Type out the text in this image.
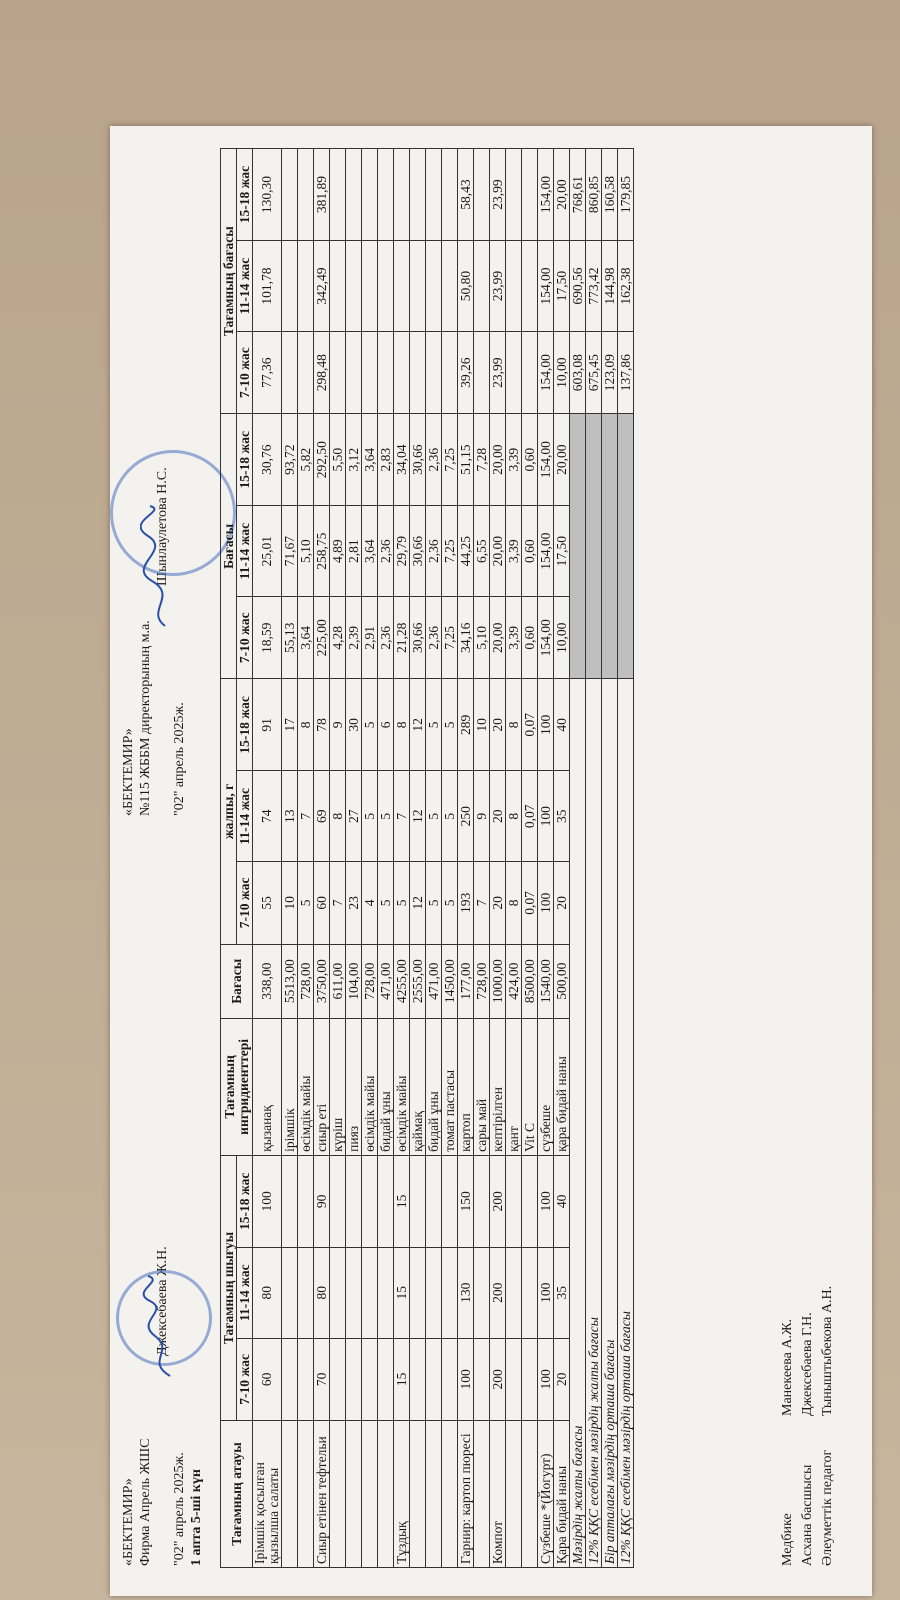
«БЕКТЕМИР» Фирма Апрель ЖШС
Джексебаева Ж.Н.
"02" апрель 2025ж. 1 апта 5-ші күн
«БЕКТЕМИР» №115 ЖББМ директорының м.а.
Шынлаулетова Н.С.
"02" апрель 2025ж.
Тағамның атауы	Тағамның шығуы			Тағамның ингридиенттері	Бағасы	жалпы, г			Бағасы			Тағамның бағасы		
	7-10 жас	11-14 жас	15-18 жас			7-10 жас	11-14 жас	15-18 жас	7-10 жас	11-14 жас	15-18 жас	7-10 жас	11-14 жас	15-18 жас
Ірімшік қосылған қызылша салаты	60	80	100	қызанақ	338,00	55	74	91	18,59	25,01	30,76	77,36	101,78	130,30
				ірімшік	5513,00	10	13	17	55,13	71,67	93,72			
				өсімдік майы	728,00	5	7	8	3,64	5,10	5,82			
Сиыр етінен тефтельи	70	80	90	сиыр еті	3750,00	60	69	78	225,00	258,75	292,50	298,48	342,49	381,89
				күріш	611,00	7	8	9	4,28	4,89	5,50			
				пияз	104,00	23	27	30	2,39	2,81	3,12			
				өсімдік майы	728,00	4	5	5	2,91	3,64	3,64			
				бидай ұны	471,00	5	5	6	2,36	2,36	2,83			
Тұздық	15	15	15	өсімдік майы	4255,00	5	7	8	21,28	29,79	34,04			
				қаймақ	2555,00	12	12	12	30,66	30,66	30,66			
				бидай ұны	471,00	5	5	5	2,36	2,36	2,36			
				томат пастасы	1450,00	5	5	5	7,25	7,25	7,25			
Гарнир: картоп пюресі	100	130	150	картоп	177,00	193	250	289	34,16	44,25	51,15	39,26	50,80	58,43
				сары май	728,00	7	9	10	5,10	6,55	7,28			
Компот	200	200	200	кептірілген	1000,00	20	20	20	20,00	20,00	20,00	23,99	23,99	23,99
				қант	424,00	8	8	8	3,39	3,39	3,39			
				Vit C	8500,00	0,07	0,07	0,07	0,60	0,60	0,60			
Сүзбеше *(Йогурт)	100	100	100	сүзбеше	1540,00	100	100	100	154,00	154,00	154,00	154,00	154,00	154,00
Қара бидай наны	20	35	40	қара бидай наны	500,00	20	35	40	10,00	17,50	20,00	10,00	17,50	20,00
Мәзірдің жалпы бағасы												603,08	690,56	768,61
12% ҚҚС есебімен мәзірдің жалпы бағасы												675,45	773,42	860,85
Бір апталағы мәзірдің орташа бағасы												123,09	144,98	160,58
12% ҚҚС есебімен мәзірдің орташа бағасы												137,86	162,38	179,85
МедбикеМанекеева А.Ж.
Асхана басшысыДжексебаева Г.Н.
Әлеуметтік педагогТыныштыбекова А.Н.
